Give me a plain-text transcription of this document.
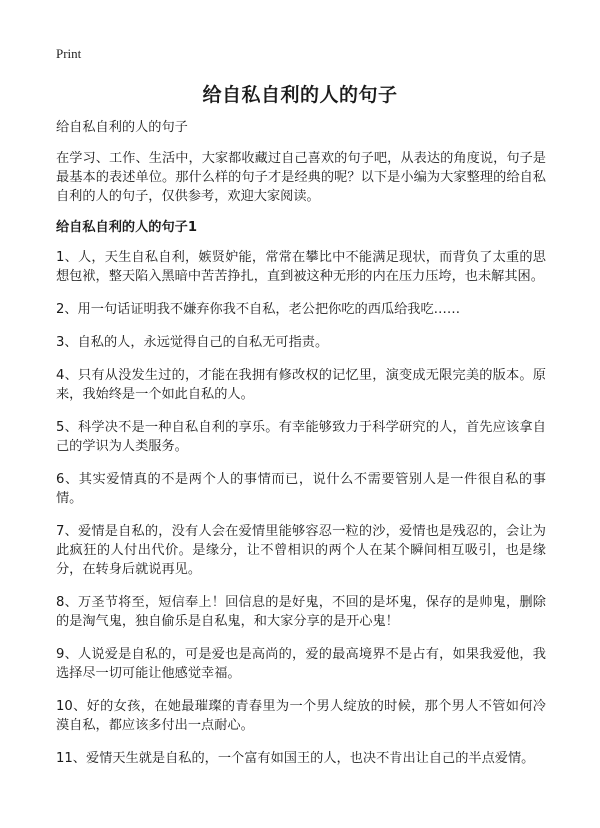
Print
给自私自利的人的句子

给自私自利的人的句子

在学习、工作、生活中，大家都收藏过自己喜欢的句子吧，从表达的角度说，句子是最基本的表述单位。那什么样的句子才是经典的呢？以下是小编为大家整理的给自私自利的人的句子，仅供参考，欢迎大家阅读。

给自私自利的人的句子1

1、人，天生自私自利，嫉贤妒能，常常在攀比中不能满足现状，而背负了太重的思想包袱，整天陷入黑暗中苦苦挣扎，直到被这种无形的内在压力压垮，也未解其困。

2、用一句话证明我不嫌弃你我不自私，老公把你吃的西瓜给我吃……

3、自私的人，永远觉得自己的自私无可指责。

4、只有从没发生过的，才能在我拥有修改权的记忆里，演变成无限完美的版本。原来，我始终是一个如此自私的人。

5、科学决不是一种自私自利的享乐。有幸能够致力于科学研究的人，首先应该拿自己的学识为人类服务。

6、其实爱情真的不是两个人的事情而已，说什么不需要管别人是一件很自私的事情。

7、爱情是自私的，没有人会在爱情里能够容忍一粒的沙，爱情也是残忍的，会让为此疯狂的人付出代价。是缘分，让不曾相识的两个人在某个瞬间相互吸引，也是缘分，在转身后就说再见。

8、万圣节将至，短信奉上！回信息的是好鬼，不回的是坏鬼，保存的是帅鬼，删除的是淘气鬼，独自偷乐是自私鬼，和大家分享的是开心鬼！

9、人说爱是自私的，可是爱也是高尚的，爱的最高境界不是占有，如果我爱他，我选择尽一切可能让他感觉幸福。

10、好的女孩，在她最璀璨的青春里为一个男人绽放的时候，那个男人不管如何冷漠自私，都应该多付出一点耐心。

11、爱情天生就是自私的，一个富有如国王的人，也决不肯出让自己的半点爱情。
